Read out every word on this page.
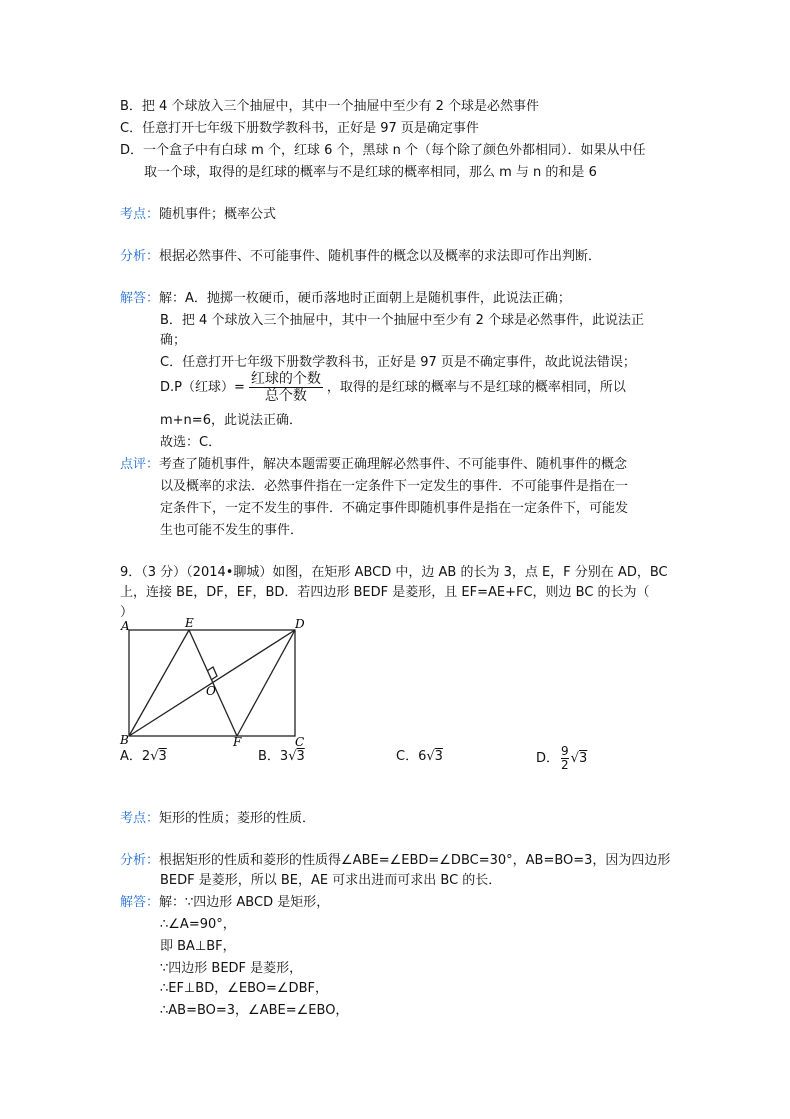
B．把 4 个球放入三个抽屉中，其中一个抽屉中至少有 2 个球是必然事件
C．任意打开七年级下册数学教科书，正好是 97 页是确定事件
D．一个盒子中有白球 m 个，红球 6 个，黑球 n 个（每个除了颜色外都相同）．如果从中任
取一个球，取得的是红球的概率与不是红球的概率相同，那么 m 与 n 的和是 6
考点：随机事件；概率公式
分析：根据必然事件、不可能事件、随机事件的概念以及概率的求法即可作出判断．
解答：解：A．抛掷一枚硬币，硬币落地时正面朝上是随机事件，此说法正确；
B．把 4 个球放入三个抽屉中，其中一个抽屉中至少有 2 个球是必然事件，此说法正
确；
C．任意打开七年级下册数学教科书，正好是 97 页是不确定事件，故此说法错误；
D.P（红球）= $\frac{\text{红球的个数}}{\text{总个数}}$ ，取得的是红球的概率与不是红球的概率相同，所以
m+n=6，此说法正确．
故选：C．
点评：考查了随机事件，解决本题需要正确理解必然事件、不可能事件、随机事件的概念
以及概率的求法．必然事件指在一定条件下一定发生的事件．不可能事件是指在一
定条件下，一定不发生的事件．不确定事件即随机事件是指在一定条件下，可能发
生也可能不发生的事件．
9．（3 分）（2014•聊城）如图，在矩形 ABCD 中，边 AB 的长为 3，点 E，F 分别在 AD，BC
上，连接 BE，DF，EF，BD．若四边形 BEDF 是菱形，且 EF=AE+FC，则边 BC 的长为（
）
A	E	D
O
B	F	C
A．2√3	B．3√3	C．6√3	D． $\frac{9}{2} √3$
考点：矩形的性质；菱形的性质．
分析：根据矩形的性质和菱形的性质得∠ABE=∠EBD=∠DBC=30°，AB=BO=3，因为四边形
BEDF 是菱形，所以 BE，AE 可求出进而可求出 BC 的长．
解答：解：∵四边形 ABCD 是矩形，
∴∠A=90°，
即 BA⊥BF，
∵四边形 BEDF 是菱形，
∴EF⊥BD，∠EBO=∠DBF，
∴AB=BO=3，∠ABE=∠EBO，
